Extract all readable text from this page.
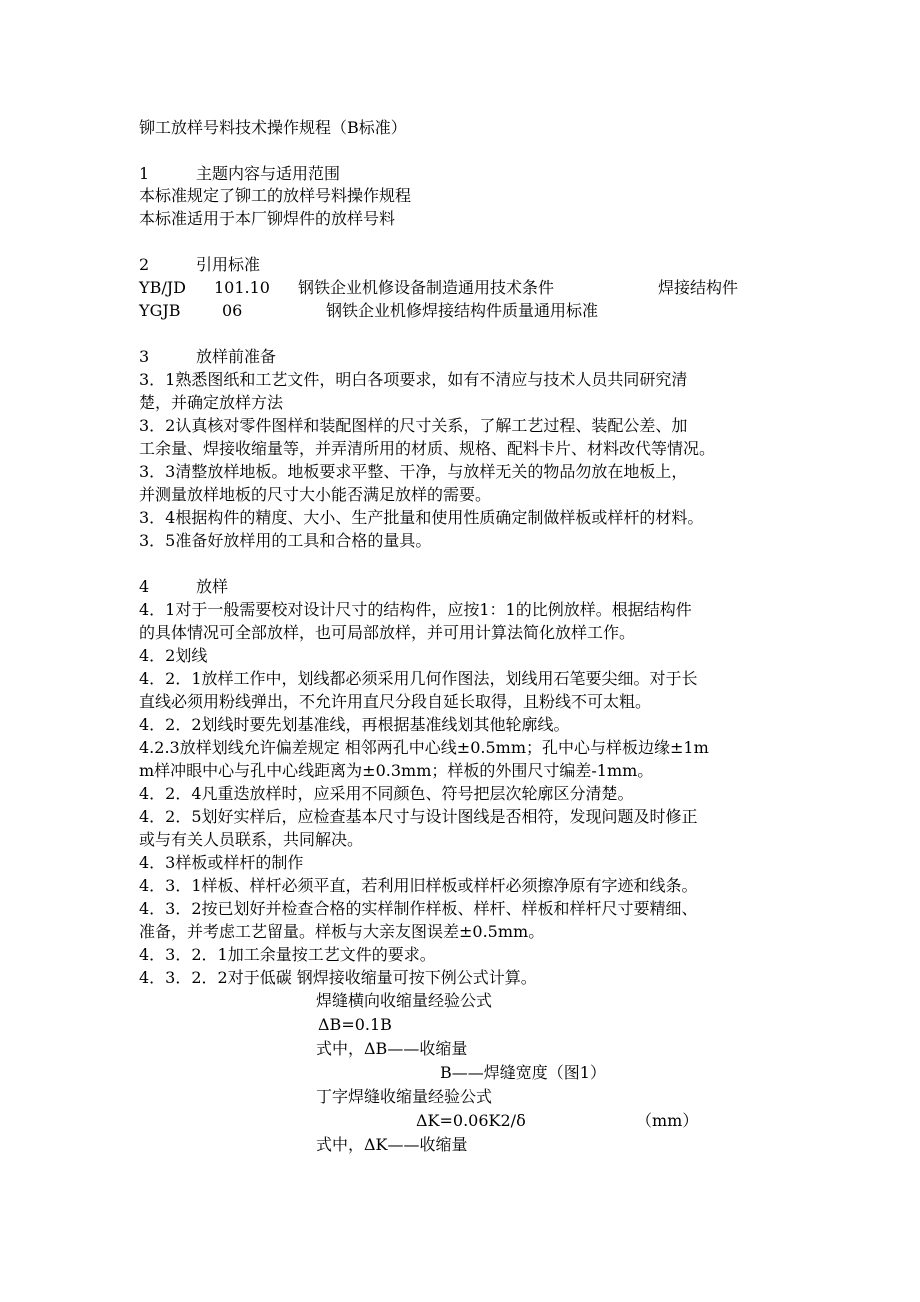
铆工放样号料技术操作规程（B标准）
1	主题内容与适用范围
本标准规定了铆工的放样号料操作规程
本标准适用于本厂铆焊件的放样号料
2	引用标准
YB/JD 101.10 钢铁企业机修设备制造通用技术条件	焊接结构件
YGJB	06	钢铁企业机修焊接结构件质量通用标准
3	放样前准备
3．1熟悉图纸和工艺文件，明白各项要求，如有不清应与技术人员共同研究清
楚，并确定放样方法
3．2认真核对零件图样和装配图样的尺寸关系，了解工艺过程、装配公差、加
工余量、焊接收缩量等，并弄清所用的材质、规格、配料卡片、材料改代等情况。
3．3清整放样地板。地板要求平整、干净，与放样无关的物品勿放在地板上，
并测量放样地板的尺寸大小能否满足放样的需要。
3．4根据构件的精度、大小、生产批量和使用性质确定制做样板或样杆的材料。
3．5准备好放样用的工具和合格的量具。
4	放样
4．1对于一般需要校对设计尺寸的结构件，应按1：1的比例放样。根据结构件
的具体情况可全部放样，也可局部放样，并可用计算法简化放样工作。
4．2划线
4．2．1放样工作中，划线都必须采用几何作图法，划线用石笔要尖细。对于长
直线必须用粉线弹出，不允许用直尺分段自延长取得，且粉线不可太粗。
4．2．2划线时要先划基准线，再根据基准线划其他轮廓线。
4.2.3放样划线允许偏差规定 相邻两孔中心线±0.5mm；孔中心与样板边缘±1m
m样冲眼中心与孔中心线距离为±0.3mm；样板的外围尺寸编差-1mm。
4．2．4凡重迭放样时，应采用不同颜色、符号把层次轮廓区分清楚。
4．2．5划好实样后，应检查基本尺寸与设计图线是否相符，发现问题及时修正
或与有关人员联系，共同解决。
4．3样板或样杆的制作
4．3．1样板、样杆必须平直，若利用旧样板或样杆必须擦净原有字迹和线条。
4．3．2按已划好并检查合格的实样制作样板、样杆、样板和样杆尺寸要精细、
准备，并考虑工艺留量。样板与大亲友图误差±0.5mm。
4．3．2．1加工余量按工艺文件的要求。
4．3．2．2对于低碳 钢焊接收缩量可按下例公式计算。
焊缝横向收缩量经验公式
ΔB=0.1B
式中，ΔB——收缩量
B——焊缝宽度（图1）
丁字焊缝收缩量经验公式
ΔK=0.06K2/δ	（mm）
式中，ΔK——收缩量
